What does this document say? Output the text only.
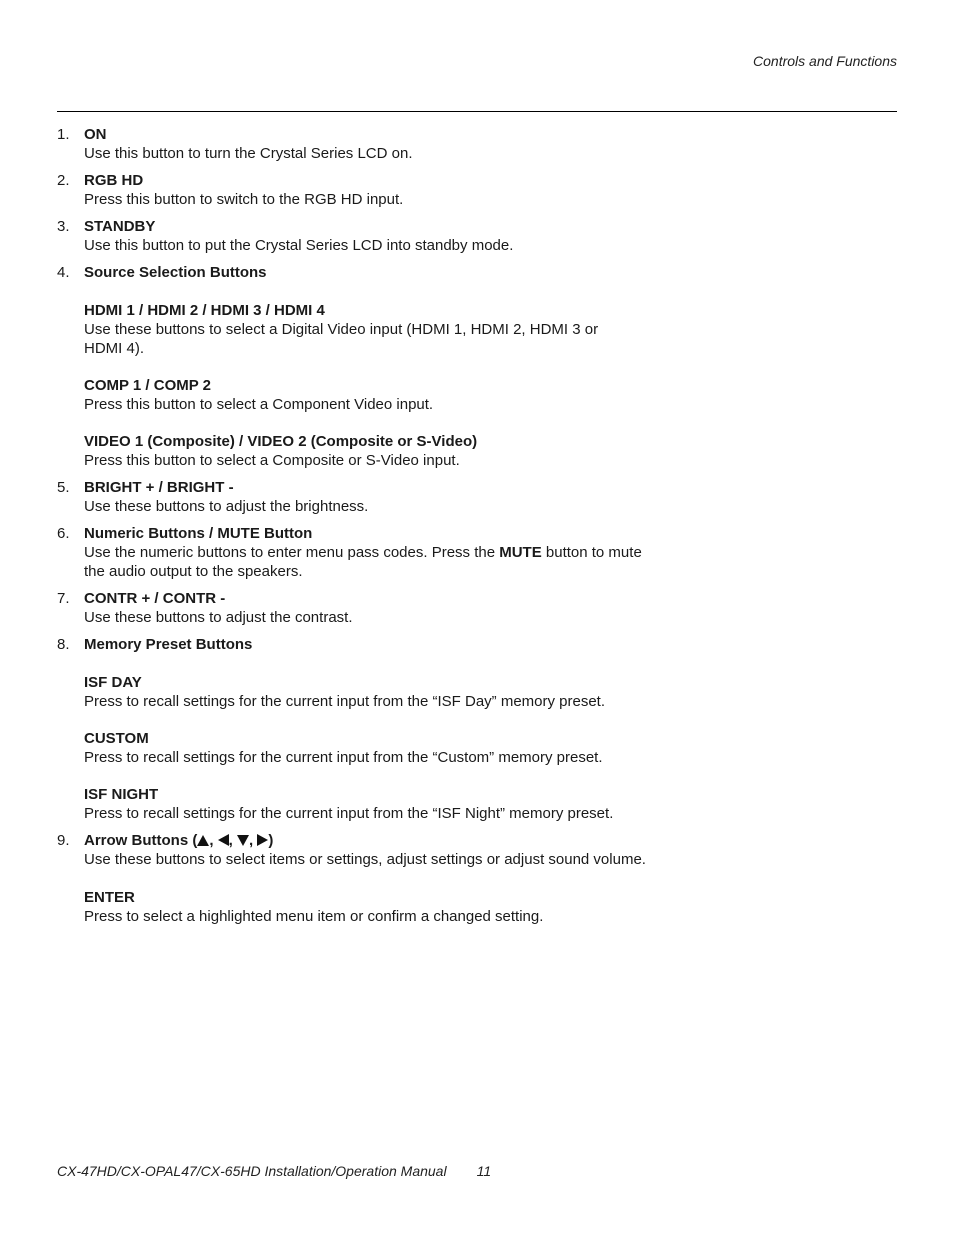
Controls and Functions
1. ON
Use this button to turn the Crystal Series LCD on.
2. RGB HD
Press this button to switch to the RGB HD input.
3. STANDBY
Use this button to put the Crystal Series LCD into standby mode.
4. Source Selection Buttons
HDMI 1 / HDMI 2 / HDMI 3 / HDMI 4
Use these buttons to select a Digital Video input (HDMI 1, HDMI 2, HDMI 3 or
HDMI 4).
COMP 1 / COMP 2
Press this button to select a Component Video input.
VIDEO 1 (Composite) / VIDEO 2 (Composite or S-Video)
Press this button to select a Composite or S-Video input.
5. BRIGHT + / BRIGHT -
Use these buttons to adjust the brightness.
6. Numeric Buttons / MUTE Button
Use the numeric buttons to enter menu pass codes. Press the MUTE button to mute
the audio output to the speakers.
7. CONTR + / CONTR -
Use these buttons to adjust the contrast.
8. Memory Preset Buttons
ISF DAY
Press to recall settings for the current input from the “ISF Day” memory preset.
CUSTOM
Press to recall settings for the current input from the “Custom” memory preset.
ISF NIGHT
Press to recall settings for the current input from the “ISF Night” memory preset.
9. Arrow Buttons ( , , , )
Use these buttons to select items or settings, adjust settings or adjust sound volume.
ENTER
Press to select a highlighted menu item or confirm a changed setting.
CX-47HD/CX-OPAL47/CX-65HD Installation/Operation Manual 11
